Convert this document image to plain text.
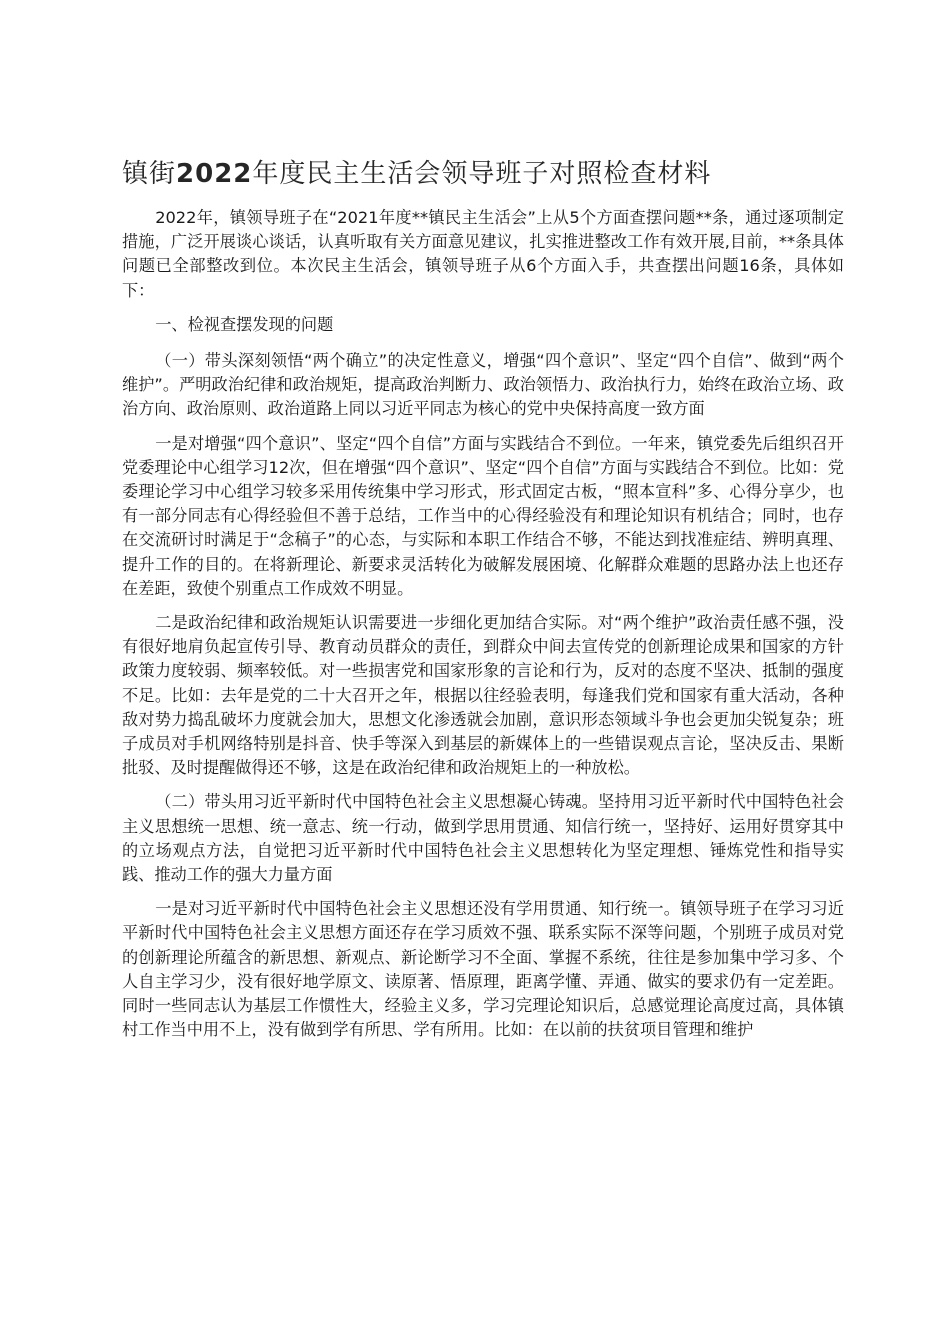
镇街2022年度民主生活会领导班子对照检查材料

2022年，镇领导班子在“2021年度**镇民主生活会”上从5个方面查摆问题**条，通过逐项制定措施，广泛开展谈心谈话，认真听取有关方面意见建议，扎实推进整改工作有效开展,目前，**条具体问题已全部整改到位。本次民主生活会，镇领导班子从6个方面入手，共查摆出问题16条，具体如下：

一、检视查摆发现的问题

（一）带头深刻领悟“两个确立”的决定性意义，增强“四个意识”、坚定“四个自信”、做到“两个维护”。严明政治纪律和政治规矩，提高政治判断力、政治领悟力、政治执行力，始终在政治立场、政治方向、政治原则、政治道路上同以习近平同志为核心的党中央保持高度一致方面

一是对增强“四个意识”、坚定“四个自信”方面与实践结合不到位。一年来，镇党委先后组织召开党委理论中心组学习12次，但在增强“四个意识”、坚定“四个自信”方面与实践结合不到位。比如：党委理论学习中心组学习较多采用传统集中学习形式，形式固定古板，“照本宣科”多、心得分享少，也有一部分同志有心得经验但不善于总结，工作当中的心得经验没有和理论知识有机结合；同时，也存在交流研讨时满足于“念稿子”的心态，与实际和本职工作结合不够，不能达到找准症结、辨明真理、提升工作的目的。在将新理论、新要求灵活转化为破解发展困境、化解群众难题的思路办法上也还存在差距，致使个别重点工作成效不明显。

二是政治纪律和政治规矩认识需要进一步细化更加结合实际。对“两个维护”政治责任感不强，没有很好地肩负起宣传引导、教育动员群众的责任，到群众中间去宣传党的创新理论成果和国家的方针政策力度较弱、频率较低。对一些损害党和国家形象的言论和行为，反对的态度不坚决、抵制的强度不足。比如：去年是党的二十大召开之年，根据以往经验表明，每逢我们党和国家有重大活动，各种敌对势力捣乱破坏力度就会加大，思想文化渗透就会加剧，意识形态领域斗争也会更加尖锐复杂；班子成员对手机网络特别是抖音、快手等深入到基层的新媒体上的一些错误观点言论，坚决反击、果断批驳、及时提醒做得还不够，这是在政治纪律和政治规矩上的一种放松。

（二）带头用习近平新时代中国特色社会主义思想凝心铸魂。坚持用习近平新时代中国特色社会主义思想统一思想、统一意志、统一行动，做到学思用贯通、知信行统一，坚持好、运用好贯穿其中的立场观点方法，自觉把习近平新时代中国特色社会主义思想转化为坚定理想、锤炼党性和指导实践、推动工作的强大力量方面

一是对习近平新时代中国特色社会主义思想还没有学用贯通、知行统一。镇领导班子在学习习近平新时代中国特色社会主义思想方面还存在学习质效不强、联系实际不深等问题，个别班子成员对党的创新理论所蕴含的新思想、新观点、新论断学习不全面、掌握不系统，往往是参加集中学习多、个人自主学习少，没有很好地学原文、读原著、悟原理，距离学懂、弄通、做实的要求仍有一定差距。同时一些同志认为基层工作惯性大，经验主义多，学习完理论知识后，总感觉理论高度过高，具体镇村工作当中用不上，没有做到学有所思、学有所用。比如：在以前的扶贫项目管理和维护
